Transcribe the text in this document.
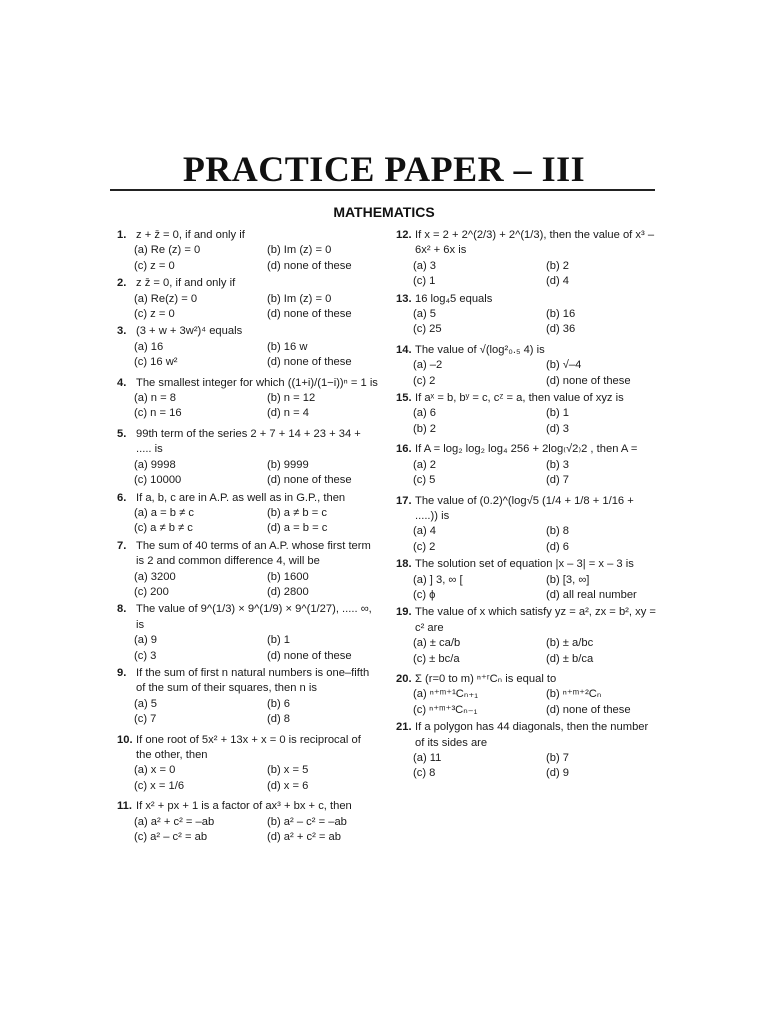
PRACTICE PAPER – III
MATHEMATICS
1. z + z̄ = 0, if and only if
(a) Re (z) = 0	(b) Im (z) = 0
(c) z = 0	(d) none of these
2. z z̄ = 0, if and only if
(a) Re(z) = 0	(b) Im (z) = 0
(c) z = 0	(d) none of these
3. (3 + w + 3w²)⁴ equals
(a) 16	(b) 16 w
(c) 16 w²	(d) none of these
4. The smallest integer for which ((1+i)/(1−i))ⁿ = 1 is
(a) n = 8	(b) n = 12
(c) n = 16	(d) n = 4
5. 99th term of the series 2 + 7 + 14 + 23 + 34 + ..... is
(a) 9998	(b) 9999
(c) 10000	(d) none of these
6. If a, b, c are in A.P. as well as in G.P., then
(a) a = b ≠ c	(b) a ≠ b = c
(c) a ≠ b ≠ c	(d) a = b = c
7. The sum of 40 terms of an A.P. whose first term is 2 and common difference 4, will be
(a) 3200	(b) 1600
(c) 200	(d) 2800
8. The value of 9^(1/3) × 9^(1/9) × 9^(1/27), ..... ∞, is
(a) 9	(b) 1
(c) 3	(d) none of these
9. If the sum of first n natural numbers is one–fifth of the sum of their squares, then n is
(a) 5	(b) 6
(c) 7	(d) 8
10. If one root of 5x² + 13x + x = 0 is reciprocal of the other, then
(a) x = 0	(b) x = 5
(c) x = 1/6	(d) x = 6
11. If x² + px + 1 is a factor of ax³ + bx + c, then
(a) a² + c² = –ab	(b) a² – c² = –ab
(c) a² – c² = ab	(d) a² + c² = ab
12. If x = 2 + 2^(2/3) + 2^(1/3), then the value of x³ – 6x² + 6x is
(a) 3	(b) 2
(c) 1	(d) 4
13. 16 log₄5 equals
(a) 5	(b) 16
(c) 25	(d) 36
14. The value of √(log²₀.₅ 4) is
(a) –2	(b) √–4
(c) 2	(d) none of these
15. If aˣ = b, bʸ = c, cᶻ = a, then value of xyz is
(a) 6	(b) 1
(b) 2	(d) 3
16. If A = log₂ log₂ log₄ 256 + 2log₍√2₎2 , then A =
(a) 2	(b) 3
(c) 5	(d) 7
17. The value of (0.2)^(log√5 (1/4 + 1/8 + 1/16 + .....)) is
(a) 4	(b) 8
(c) 2	(d) 6
18. The solution set of equation |x – 3| = x – 3 is
(a) ] 3, ∞ [	(b) [3, ∞]
(c) ϕ	(d) all real number
19. The value of x which satisfy yz = a², zx = b², xy = c² are
(a) ± ca/b	(b) ± a/bc
(c) ± bc/a	(d) ± b/ca
20. Σ (r=0 to m) ⁿ⁺ʳCₙ is equal to
(a) ⁿ⁺ᵐ⁺¹Cₙ₊₁	(b) ⁿ⁺ᵐ⁺²Cₙ
(c) ⁿ⁺ᵐ⁺³Cₙ₋₁	(d) none of these
21. If a polygon has 44 diagonals, then the number of its sides are
(a) 11	(b) 7
(c) 8	(d) 9
